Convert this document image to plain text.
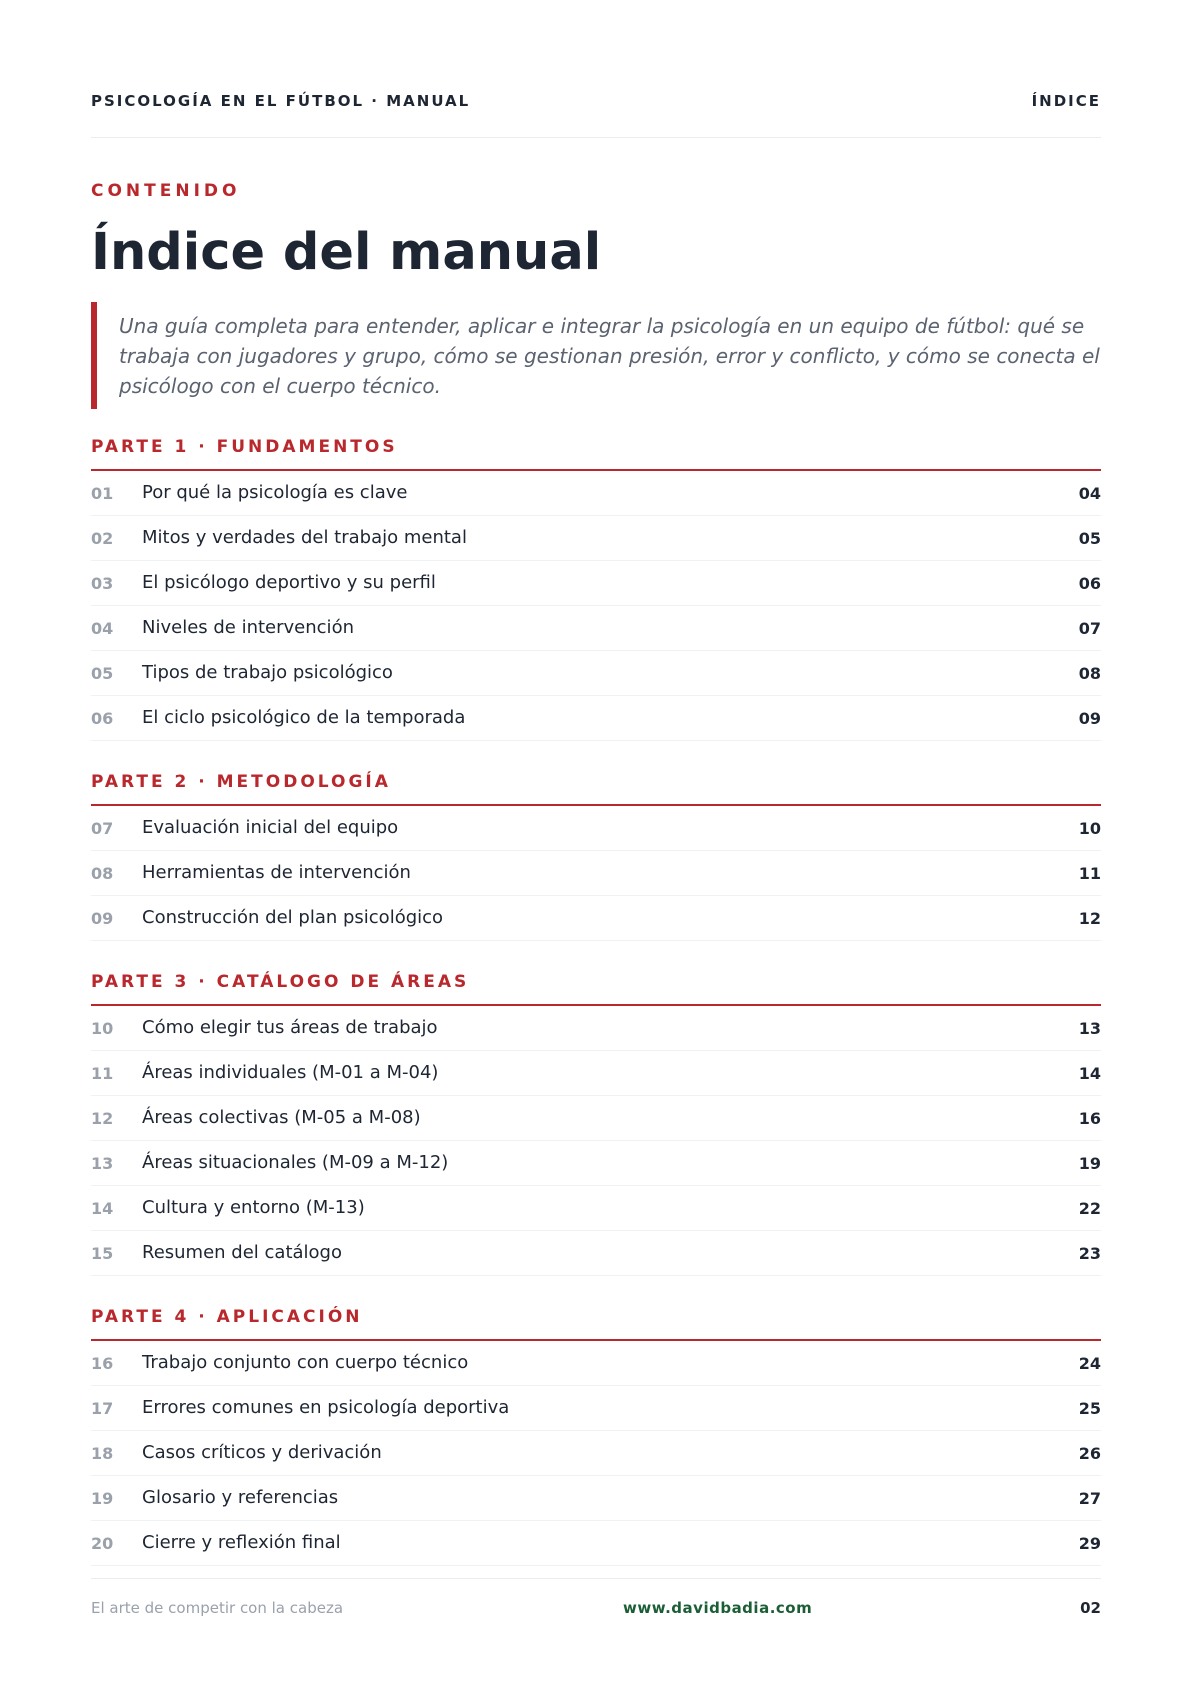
PSICOLOGÍA EN EL FÚTBOL · MANUAL	ÍNDICE
CONTENIDO
Índice del manual

Una guía completa para entender, aplicar e integrar la psicología en un equipo de fútbol: qué se trabaja con jugadores y grupo, cómo se gestionan presión, error y conflicto, y cómo se conecta el psicólogo con el cuerpo técnico.

PARTE 1 · FUNDAMENTOS
01 Por qué la psicología es clave	04
02 Mitos y verdades del trabajo mental	05
03 El psicólogo deportivo y su perfil	06
04 Niveles de intervención	07
05 Tipos de trabajo psicológico	08
06 El ciclo psicológico de la temporada	09
PARTE 2 · METODOLOGÍA
07 Evaluación inicial del equipo	10
08 Herramientas de intervención	11
09 Construcción del plan psicológico	12
PARTE 3 · CATÁLOGO DE ÁREAS
10 Cómo elegir tus áreas de trabajo	13
11 Áreas individuales (M-01 a M-04)	14
12 Áreas colectivas (M-05 a M-08)	16
13 Áreas situacionales (M-09 a M-12)	19
14 Cultura y entorno (M-13)	22
15 Resumen del catálogo	23
PARTE 4 · APLICACIÓN
16 Trabajo conjunto con cuerpo técnico	24
17 Errores comunes en psicología deportiva	25
18 Casos críticos y derivación	26
19 Glosario y referencias	27
20 Cierre y reflexión final	29
El arte de competir con la cabeza	www.davidbadia.com	02
